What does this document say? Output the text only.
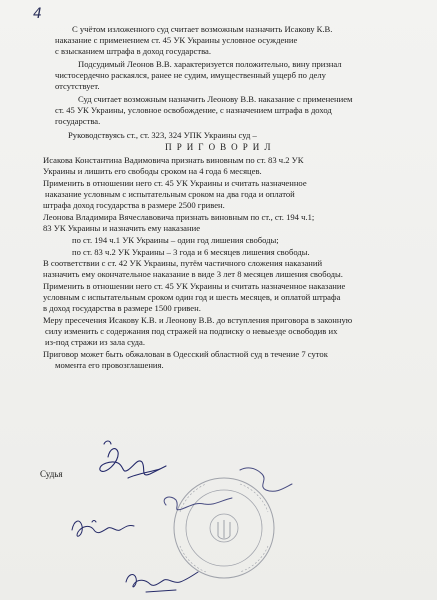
4
С учётом изложенного суд считает возможным назначить Исакову К.В.
наказание с применением ст. 45 УК Украины условное осуждение
с взысканием штрафа в доход государства.
Подсудимый Леонов В.В. характеризуется положительно, вину признал
чистосердечно раскаялся, ранее не судим, имущественный ущерб по делу
отсутствует.
Суд считает возможным назначить Леонову В.В. наказание с применением
ст. 45 УК Украины, условное освобождение, с назначением штрафа в доход
государства.
Руководствуясь ст., ст. 323, 324 УПК Украины суд –
П Р И Г О В О Р И Л
Исакова Константина Вадимовича признать виновным по ст. 83 ч.2 УК
Украины и лишить его свободы сроком на 4 года 6 месяцев.
Применить в отношении него ст. 45 УК Украины и считать назначенное
наказание условным с испытательным сроком на два года и оплатой
штрафа доход государства в размере 2500 гривен.
Леонова Владимира Вячеславовича признать виновным по ст., ст. 194 ч.1;
83 УК Украины и назначить ему наказание
по ст. 194 ч.1 УК Украины – один год лишения свободы;
по ст. 83 ч.2 УК Украины – 3 года и 6 месяцев лишения свободы.
В соответствии с ст. 42 УК Украины, путём частичного сложения наказаний
назначить ему окончательное наказание в виде 3 лет 8 месяцев лишения свободы.
Применить в отношении него ст. 45 УК Украины и считать назначенное наказание
условным с испытательным сроком один год и шесть месяцев, и оплатой штрафа
в доход государства в размере 1500 гривен.
Меру пресечения Исакову К.В. и Леонову В.В. до вступления приговора в законную
силу изменить с содержания под стражей на подписку о невыезде освободив их
из-под стражи из зала суда.
Приговор может быть обжалован в Одесский областной суд в течение 7 суток
момента его провозглашения.
Судья
